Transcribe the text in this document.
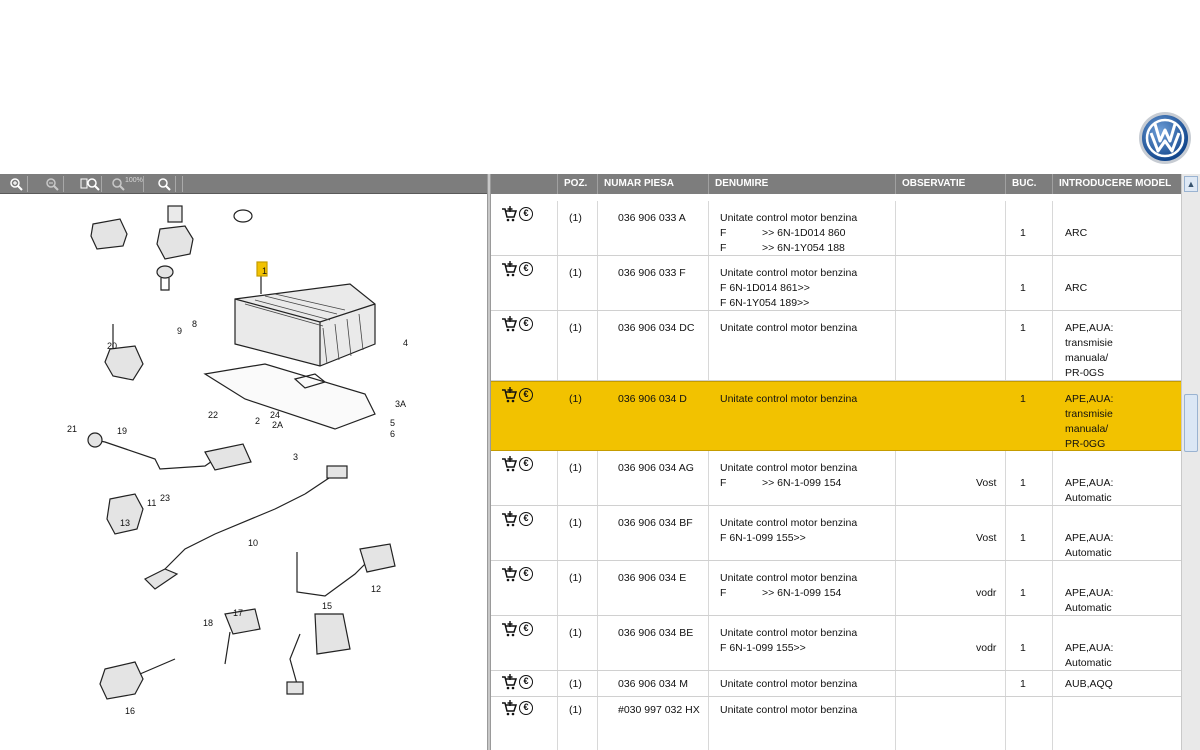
100%
1
2 2A
3
3A
4
5
6
8
9
10
11
12
13
15
16
17
18
19
20
21
22
23
24
POZ.	NUMAR PIESA	DENUMIRE	OBSERVATIE	BUC.	INTRODUCERE MODEL
€	(1)	036 906 033 A	Unitate control motor benzina
F	>> 6N-1D014 860
F	>> 6N-1Y054 188
1	ARC
€	(1)	036 906 033 F	Unitate control motor benzina
F 6N-1D014 861>>
F 6N-1Y054 189>>
1	ARC
€	(1)	036 906 034 DC Unitate control motor benzina	1	APE,AUA:
transmisie
manuala/
PR-0GS
€	(1)	036 906 034 D	Unitate control motor benzina	1	APE,AUA:
transmisie
manuala/
PR-0GG
€	(1)	036 906 034 AG Unitate control motor benzina
F	>> 6N-1-099 154	Vost 1	APE,AUA:
Automatic
€	(1)	036 906 034 BF	Unitate control motor benzina
F 6N-1-099 155>>	Vost 1	APE,AUA:
Automatic
€	(1)	036 906 034 E	Unitate control motor benzina
F	>> 6N-1-099 154	vodr 1	APE,AUA:
Automatic
€	(1)	036 906 034 BE	Unitate control motor benzina
F 6N-1-099 155>>	vodr 1	APE,AUA:
Automatic
€	(1)	036 906 034 M	Unitate control motor benzina	1	AUB,AQQ
€	(1)	#030 997 032 HX Unitate control motor benzina
▲
